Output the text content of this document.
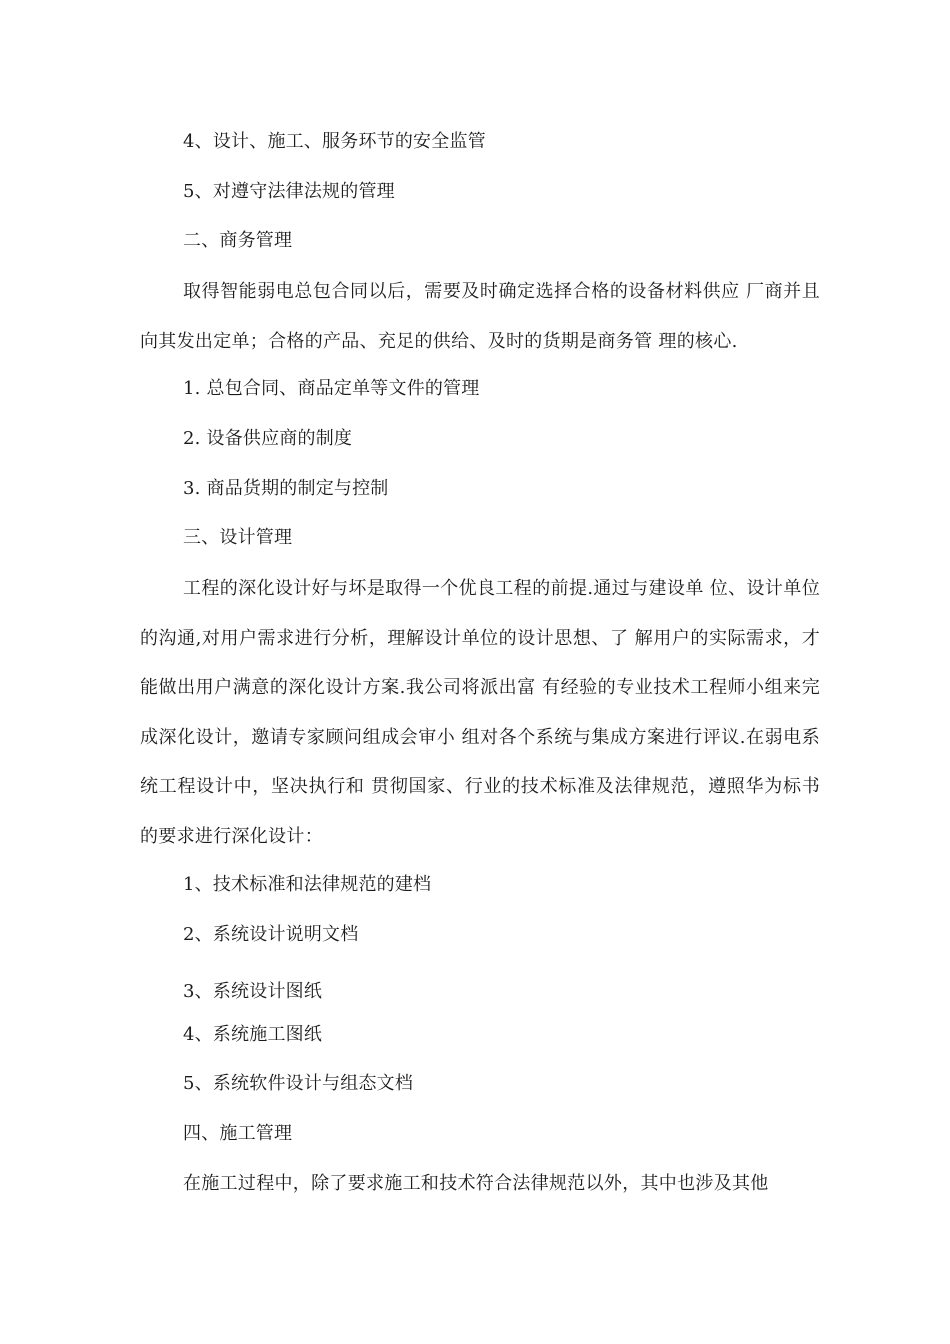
4、设计、施工、服务环节的安全监管
5、对遵守法律法规的管理
二、商务管理
取得智能弱电总包合同以后，需要及时确定选择合格的设备材料供应 厂商并且向其发出定单；合格的产品、充足的供给、及时的货期是商务管 理的核心.
1. 总包合同、商品定单等文件的管理
2. 设备供应商的制度
3. 商品货期的制定与控制
三、设计管理
工程的深化设计好与坏是取得一个优良工程的前提.通过与建设单 位、设计单位的沟通,对用户需求进行分析，理解设计单位的设计思想、了 解用户的实际需求，才能做出用户满意的深化设计方案.我公司将派出富 有经验的专业技术工程师小组来完成深化设计，邀请专家顾问组成会审小 组对各个系统与集成方案进行评议.在弱电系统工程设计中，坚决执行和 贯彻国家、行业的技术标准及法律规范，遵照华为标书的要求进行深化设计：
1、技术标准和法律规范的建档
2、系统设计说明文档
3、系统设计图纸
4、系统施工图纸
5、系统软件设计与组态文档
四、施工管理
在施工过程中，除了要求施工和技术符合法律规范以外，其中也涉及其他
